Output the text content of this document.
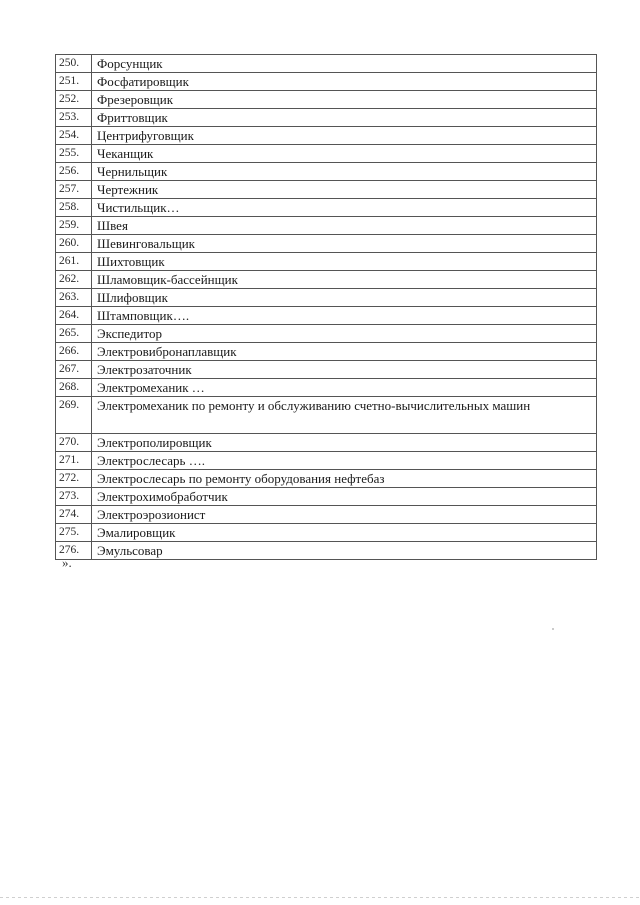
250.	Форсунщик
251.	Фосфатировщик
252.	Фрезеровщик
253.	Фриттовщик
254.	Центрифуговщик
255.	Чеканщик
256.	Чернильщик
257.	Чертежник
258.	Чистильщик…
259.	Швея
260.	Шевинговальщик
261.	Шихтовщик
262.	Шламовщик-бассейнщик
263.	Шлифовщик
264.	Штамповщик….
265.	Экспедитор
266.	Электровибронаплавщик
267.	Электрозаточник
268.	Электромеханик …
269.	Электромеханик по ремонту и обслуживанию счетно-вычислительных машин
270.	Электрополировщик
271.	Электрослесарь ….
272.	Электрослесарь по ремонту оборудования нефтебаз
273.	Электрохимобработчик
274.	Электроэрозионист
275.	Эмалировщик
276.	Эмульсовар
».
